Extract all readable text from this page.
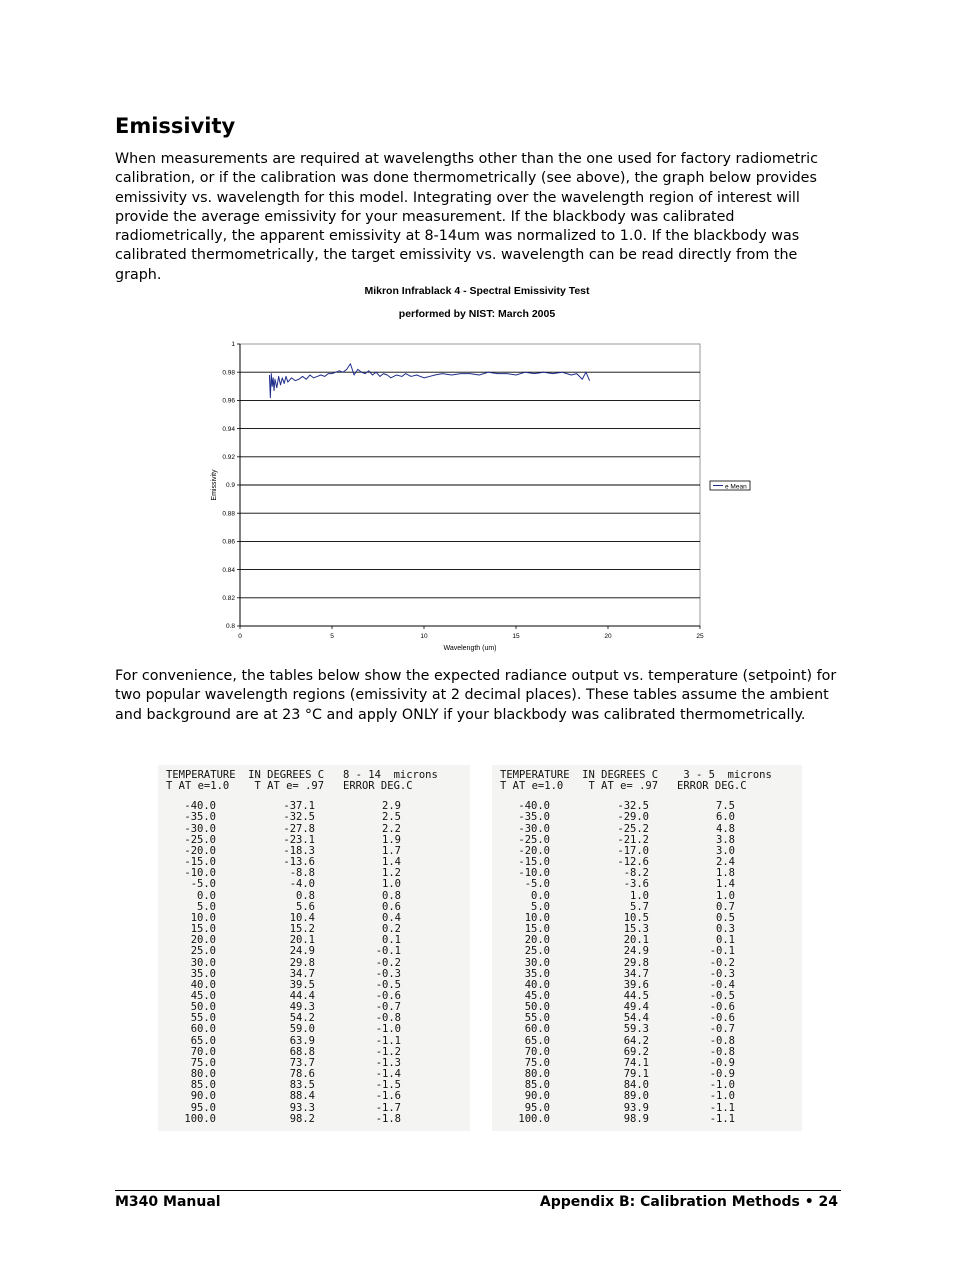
Emissivity

When measurements are required at wavelengths other than the one used for factory radiometric calibration, or if the calibration was done thermometrically (see above), the graph below provides emissivity vs. wavelength for this model. Integrating over the wavelength region of interest will provide the average emissivity for your measurement. If the blackbody was calibrated radiometrically, the apparent emissivity at 8-14um was normalized to 1.0. If the blackbody was calibrated thermometrically, the target emissivity vs. wavelength can be read directly from the graph.

Mikron Infrablack 4 - Spectral Emissivity Test
performed by NIST: March 2005
0.8
0.82
0.84
0.86
0.88
0.9
0.92
0.94
0.96
0.98
1
0	5	10	15	20	25
Emissivity
Wavelength (um)
e Mean

For convenience, the tables below show the expected radiance output vs. temperature (setpoint) for two popular wavelength regions (emissivity at 2 decimal places). These tables assume the ambient and background are at 23 °C and apply ONLY if your blackbody was calibrated thermometrically.

TEMPERATURE  IN DEGREES C   8 - 14  microns
T AT e=1.0    T AT e= .97   ERROR DEG.C
-40.0	-37.1	2.9
-35.0	-32.5	2.5
-30.0	-27.8	2.2
-25.0	-23.1	1.9
-20.0	-18.3	1.7
-15.0	-13.6	1.4
-10.0	-8.8	1.2
-5.0	-4.0	1.0
0.0	0.8	0.8
5.0	5.6	0.6
10.0	10.4	0.4
15.0	15.2	0.2
20.0	20.1	0.1
25.0	24.9	-0.1
30.0	29.8	-0.2
35.0	34.7	-0.3
40.0	39.5	-0.5
45.0	44.4	-0.6
50.0	49.3	-0.7
55.0	54.2	-0.8
60.0	59.0	-1.0
65.0	63.9	-1.1
70.0	68.8	-1.2
75.0	73.7	-1.3
80.0	78.6	-1.4
85.0	83.5	-1.5
90.0	88.4	-1.6
95.0	93.3	-1.7
100.0	98.2	-1.8
TEMPERATURE  IN DEGREES C    3 - 5  microns
T AT e=1.0    T AT e= .97   ERROR DEG.C
-40.0	-32.5	7.5
-35.0	-29.0	6.0
-30.0	-25.2	4.8
-25.0	-21.2	3.8
-20.0	-17.0	3.0
-15.0	-12.6	2.4
-10.0	-8.2	1.8
-5.0	-3.6	1.4
0.0	1.0	1.0
5.0	5.7	0.7
10.0	10.5	0.5
15.0	15.3	0.3
20.0	20.1	0.1
25.0	24.9	-0.1
30.0	29.8	-0.2
35.0	34.7	-0.3
40.0	39.6	-0.4
45.0	44.5	-0.5
50.0	49.4	-0.6
55.0	54.4	-0.6
60.0	59.3	-0.7
65.0	64.2	-0.8
70.0	69.2	-0.8
75.0	74.1	-0.9
80.0	79.1	-0.9
85.0	84.0	-1.0
90.0	89.0	-1.0
95.0	93.9	-1.1
100.0	98.9	-1.1
M340 Manual	Appendix B: Calibration Methods • 24
